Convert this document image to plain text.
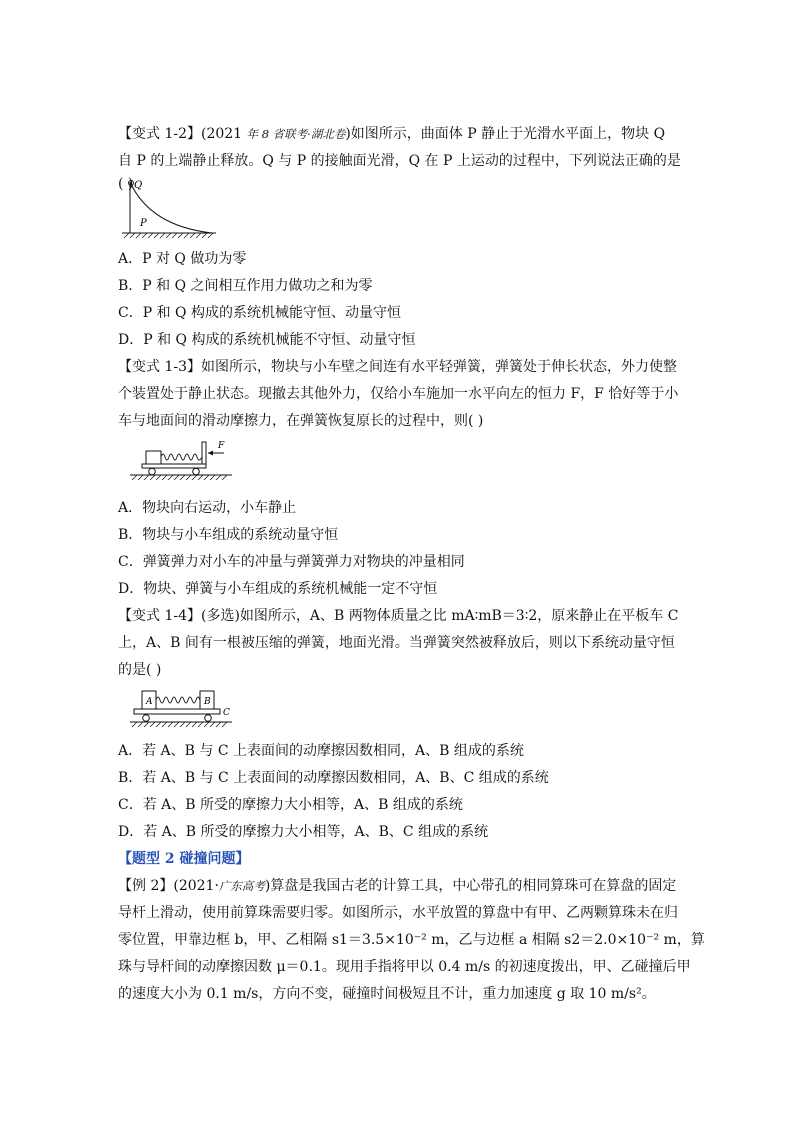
【变式 1-2】(2021 年 8 省联考·湖北卷)如图所示，曲面体 P 静止于光滑水平面上，物块 Q
自 P 的上端静止释放。Q 与 P 的接触面光滑，Q 在 P 上运动的过程中，下列说法正确的是
( ) Q
P
A．P 对 Q 做功为零
B．P 和 Q 之间相互作用力做功之和为零
C．P 和 Q 构成的系统机械能守恒、动量守恒
D．P 和 Q 构成的系统机械能不守恒、动量守恒
【变式 1-3】如图所示，物块与小车壁之间连有水平轻弹簧，弹簧处于伸长状态，外力使整
个装置处于静止状态。现撤去其他外力，仅给小车施加一水平向左的恒力 F，F 恰好等于小
车与地面间的滑动摩擦力，在弹簧恢复原长的过程中，则( )
F
A．物块向右运动，小车静止
B．物块与小车组成的系统动量守恒
C．弹簧弹力对小车的冲量与弹簧弹力对物块的冲量相同
D．物块、弹簧与小车组成的系统机械能一定不守恒
【变式 1-4】(多选)如图所示，A、B 两物体质量之比 mA∶mB＝3∶2，原来静止在平板车 C
上，A、B 间有一根被压缩的弹簧，地面光滑。当弹簧突然被释放后，则以下系统动量守恒
的是( )
A	B
C
A．若 A、B 与 C 上表面间的动摩擦因数相同，A、B 组成的系统
B．若 A、B 与 C 上表面间的动摩擦因数相同，A、B、C 组成的系统
C．若 A、B 所受的摩擦力大小相等，A、B 组成的系统
D．若 A、B 所受的摩擦力大小相等，A、B、C 组成的系统
【题型 2 碰撞问题】
【例 2】(2021·广东高考)算盘是我国古老的计算工具，中心带孔的相同算珠可在算盘的固定
导杆上滑动，使用前算珠需要归零。如图所示，水平放置的算盘中有甲、乙两颗算珠未在归
零位置，甲靠边框 b，甲、乙相隔 s1＝3.5×10⁻² m，乙与边框 a 相隔 s2＝2.0×10⁻² m，算
珠与导杆间的动摩擦因数 μ＝0.1。现用手指将甲以 0.4 m/s 的初速度拨出，甲、乙碰撞后甲
的速度大小为 0.1 m/s，方向不变，碰撞时间极短且不计，重力加速度 g 取 10 m/s²。
